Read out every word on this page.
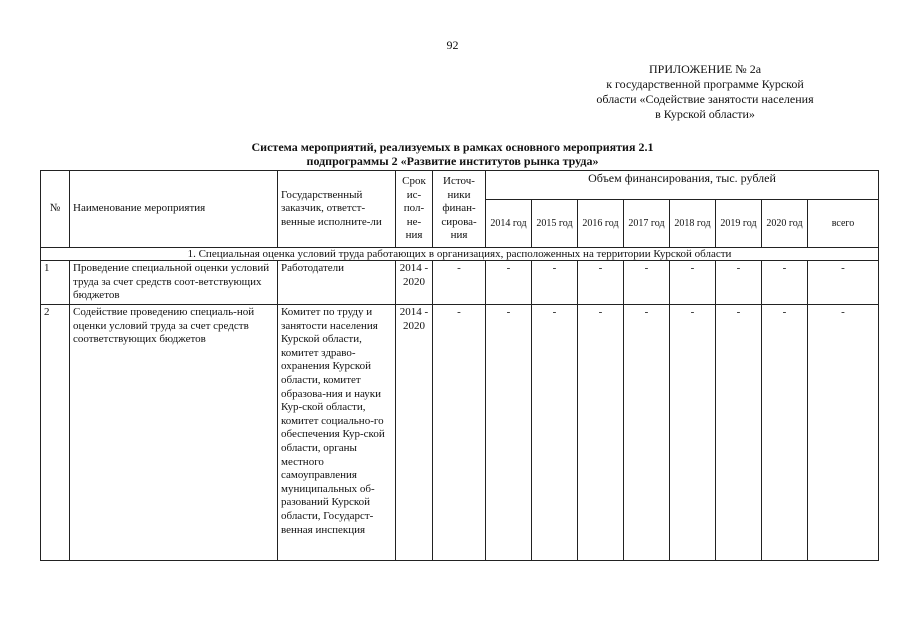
92
ПРИЛОЖЕНИЕ № 2а
к государственной программе Курской
области «Содействие занятости населения
в Курской области»
Система мероприятий, реализуемых в рамках основного мероприятия 2.1
подпрограммы 2 «Развитие институтов рынка труда»
№	Наименование мероприятия	Государственный заказчик, ответст-венные исполните-ли	Срок ис-пол-не-ния	Источ-ники финан-сирова-ния	Объем финансирования, тыс. рублей							
					2014 год	2015 год	2016 год	2017 год	2018 год	2019 год	2020 год	всего
1. Специальная оценка условий труда работающих в организациях, расположенных на территории Курской области												
1	Проведение специальной оценки условий труда за счет средств соот-ветствующих бюджетов	Работодатели	2014 - 2020	-	-	-	-	-	-	-	-	-
2	Содействие проведению специаль-ной оценки условий труда за счет средств соответствующих бюджетов	Комитет по труду и занятости населения Курской области, комитет здраво-охранения Курской области, комитет образова-ния и науки Кур-ской области, комитет социально-го обеспечения Кур-ской области, органы местного самоуправления муниципальных об-разований Курской области, Государст-венная инспекция	2014 - 2020	-	-	-	-	-	-	-	-	-
